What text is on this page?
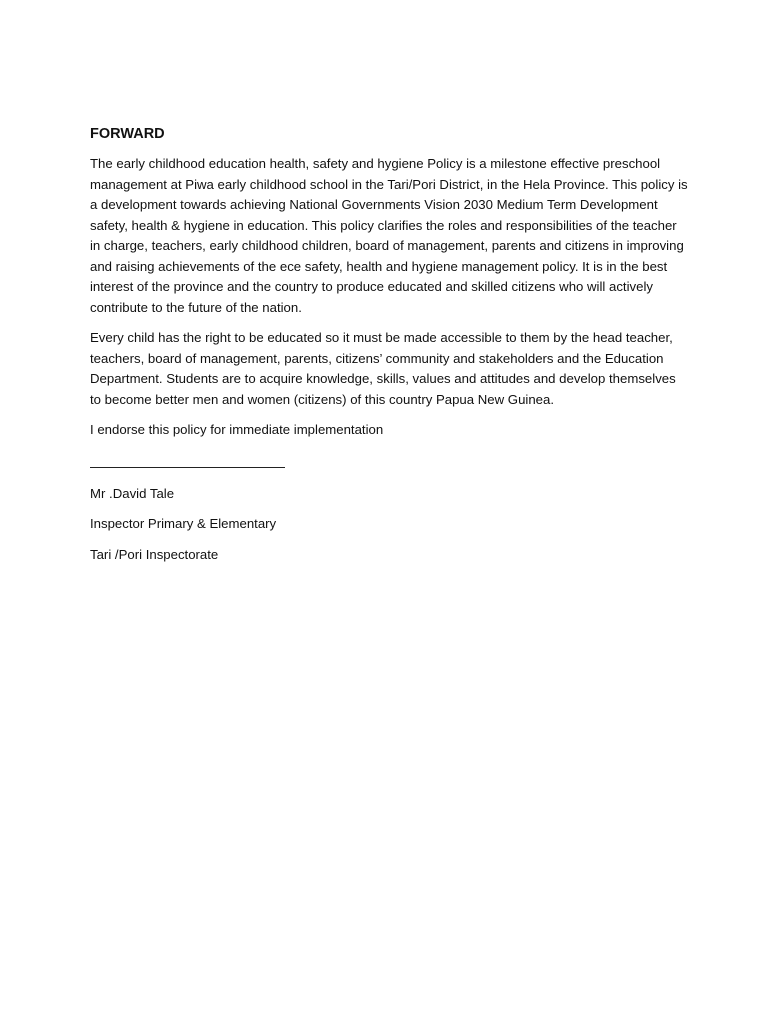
FORWARD

The early childhood education health, safety and hygiene Policy is a milestone effective preschool management at Piwa early childhood school in the Tari/Pori District, in the Hela Province. This policy is a development towards achieving National Governments Vision 2030 Medium Term Development safety, health & hygiene in education. This policy clarifies the roles and responsibilities of the teacher in charge, teachers, early childhood children, board of management, parents and citizens in improving and raising achievements of the ece safety, health and hygiene management policy. It is in the best interest of the province and the country to produce educated and skilled citizens who will actively contribute to the future of the nation.

Every child has the right to be educated so it must be made accessible to them by the head teacher, teachers, board of management, parents, citizens’ community and stakeholders and the Education Department. Students are to acquire knowledge, skills, values and attitudes and develop themselves to become better men and women (citizens) of this country Papua New Guinea.

I endorse this policy for immediate implementation

Mr .David Tale

Inspector Primary & Elementary

Tari /Pori Inspectorate
